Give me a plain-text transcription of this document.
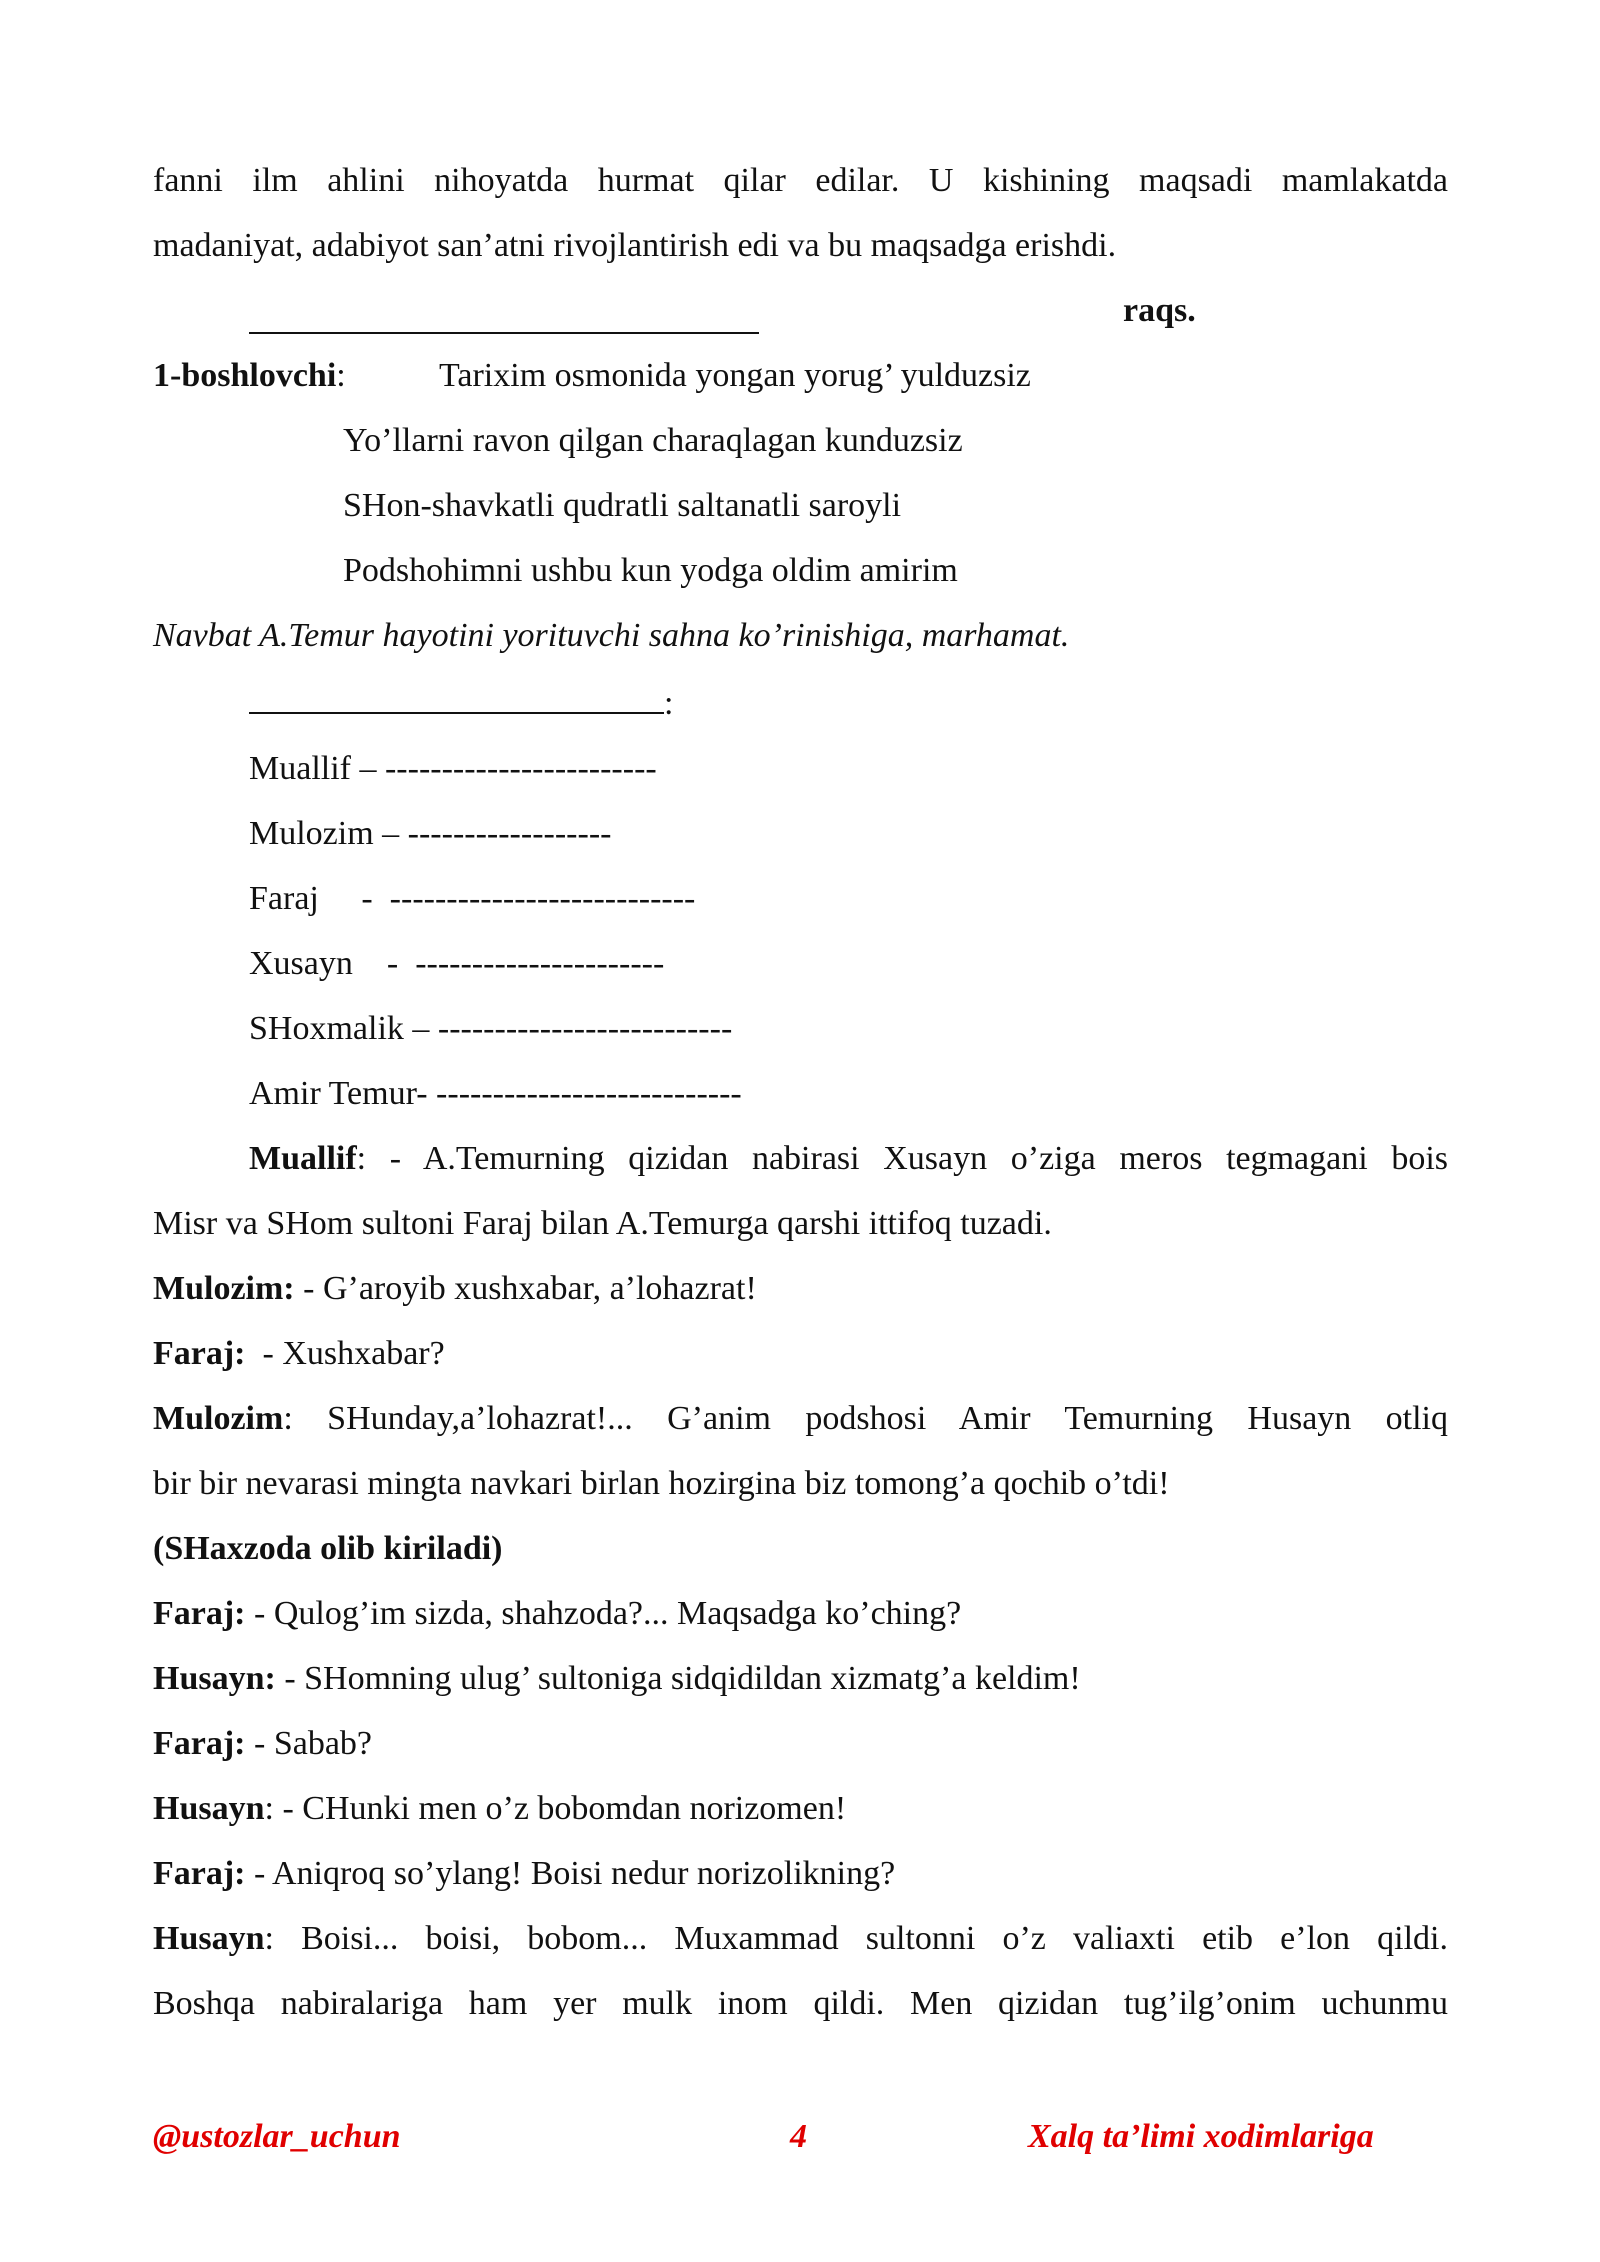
fanni ilm ahlini nihoyatda hurmat qilar edilar. U kishining maqsadi mamlakatda

madaniyat, adabiyot san’atni rivojlantirish edi va bu maqsadga erishdi.

raqs.
1-boshlovchi:	Tarixim osmonida yongan yorug’ yulduzsiz

Yo’llarni ravon qilgan charaqlagan kunduzsiz

SHon-shavkatli qudratli saltanatli saroyli

Podshohimni ushbu kun yodga oldim amirim

Navbat A.Temur hayotini yorituvchi sahna ko’rinishiga, marhamat.

:

Muallif – ------------------------

Mulozim – ------------------

Faraj     -  ---------------------------

Xusayn    -  ----------------------

SHoxmalik – --------------------------

Amir Temur- ---------------------------

Muallif: - A.Temurning qizidan nabirasi Xusayn o’ziga meros tegmagani bois

Misr va SHom sultoni Faraj bilan A.Temurga qarshi ittifoq tuzadi.

Mulozim: - G’aroyib xushxabar, a’lohazrat!

Faraj: - Xushxabar?

Mulozim: SHunday,a’lohazrat!... G’anim podshosi Amir Temurning Husayn otliq

bir bir nevarasi mingta navkari birlan hozirgina biz tomong’a qochib o’tdi!

(SHaxzoda olib kiriladi)

Faraj: - Qulog’im sizda, shahzoda?... Maqsadga ko’ching?

Husayn: - SHomning ulug’ sultoniga sidqidildan xizmatg’a keldim!

Faraj: - Sabab?

Husayn: - CHunki men o’z bobomdan norizomen!

Faraj: - Aniqroq so’ylang! Boisi nedur norizolikning?

Husayn: Boisi... boisi, bobom... Muxammad sultonni o’z valiaxti etib e’lon qildi.

Boshqa nabiralariga ham yer mulk inom qildi. Men qizidan tug’ilg’onim uchunmu

@ustozlar_uchun	4	Xalq ta’limi xodimlariga
